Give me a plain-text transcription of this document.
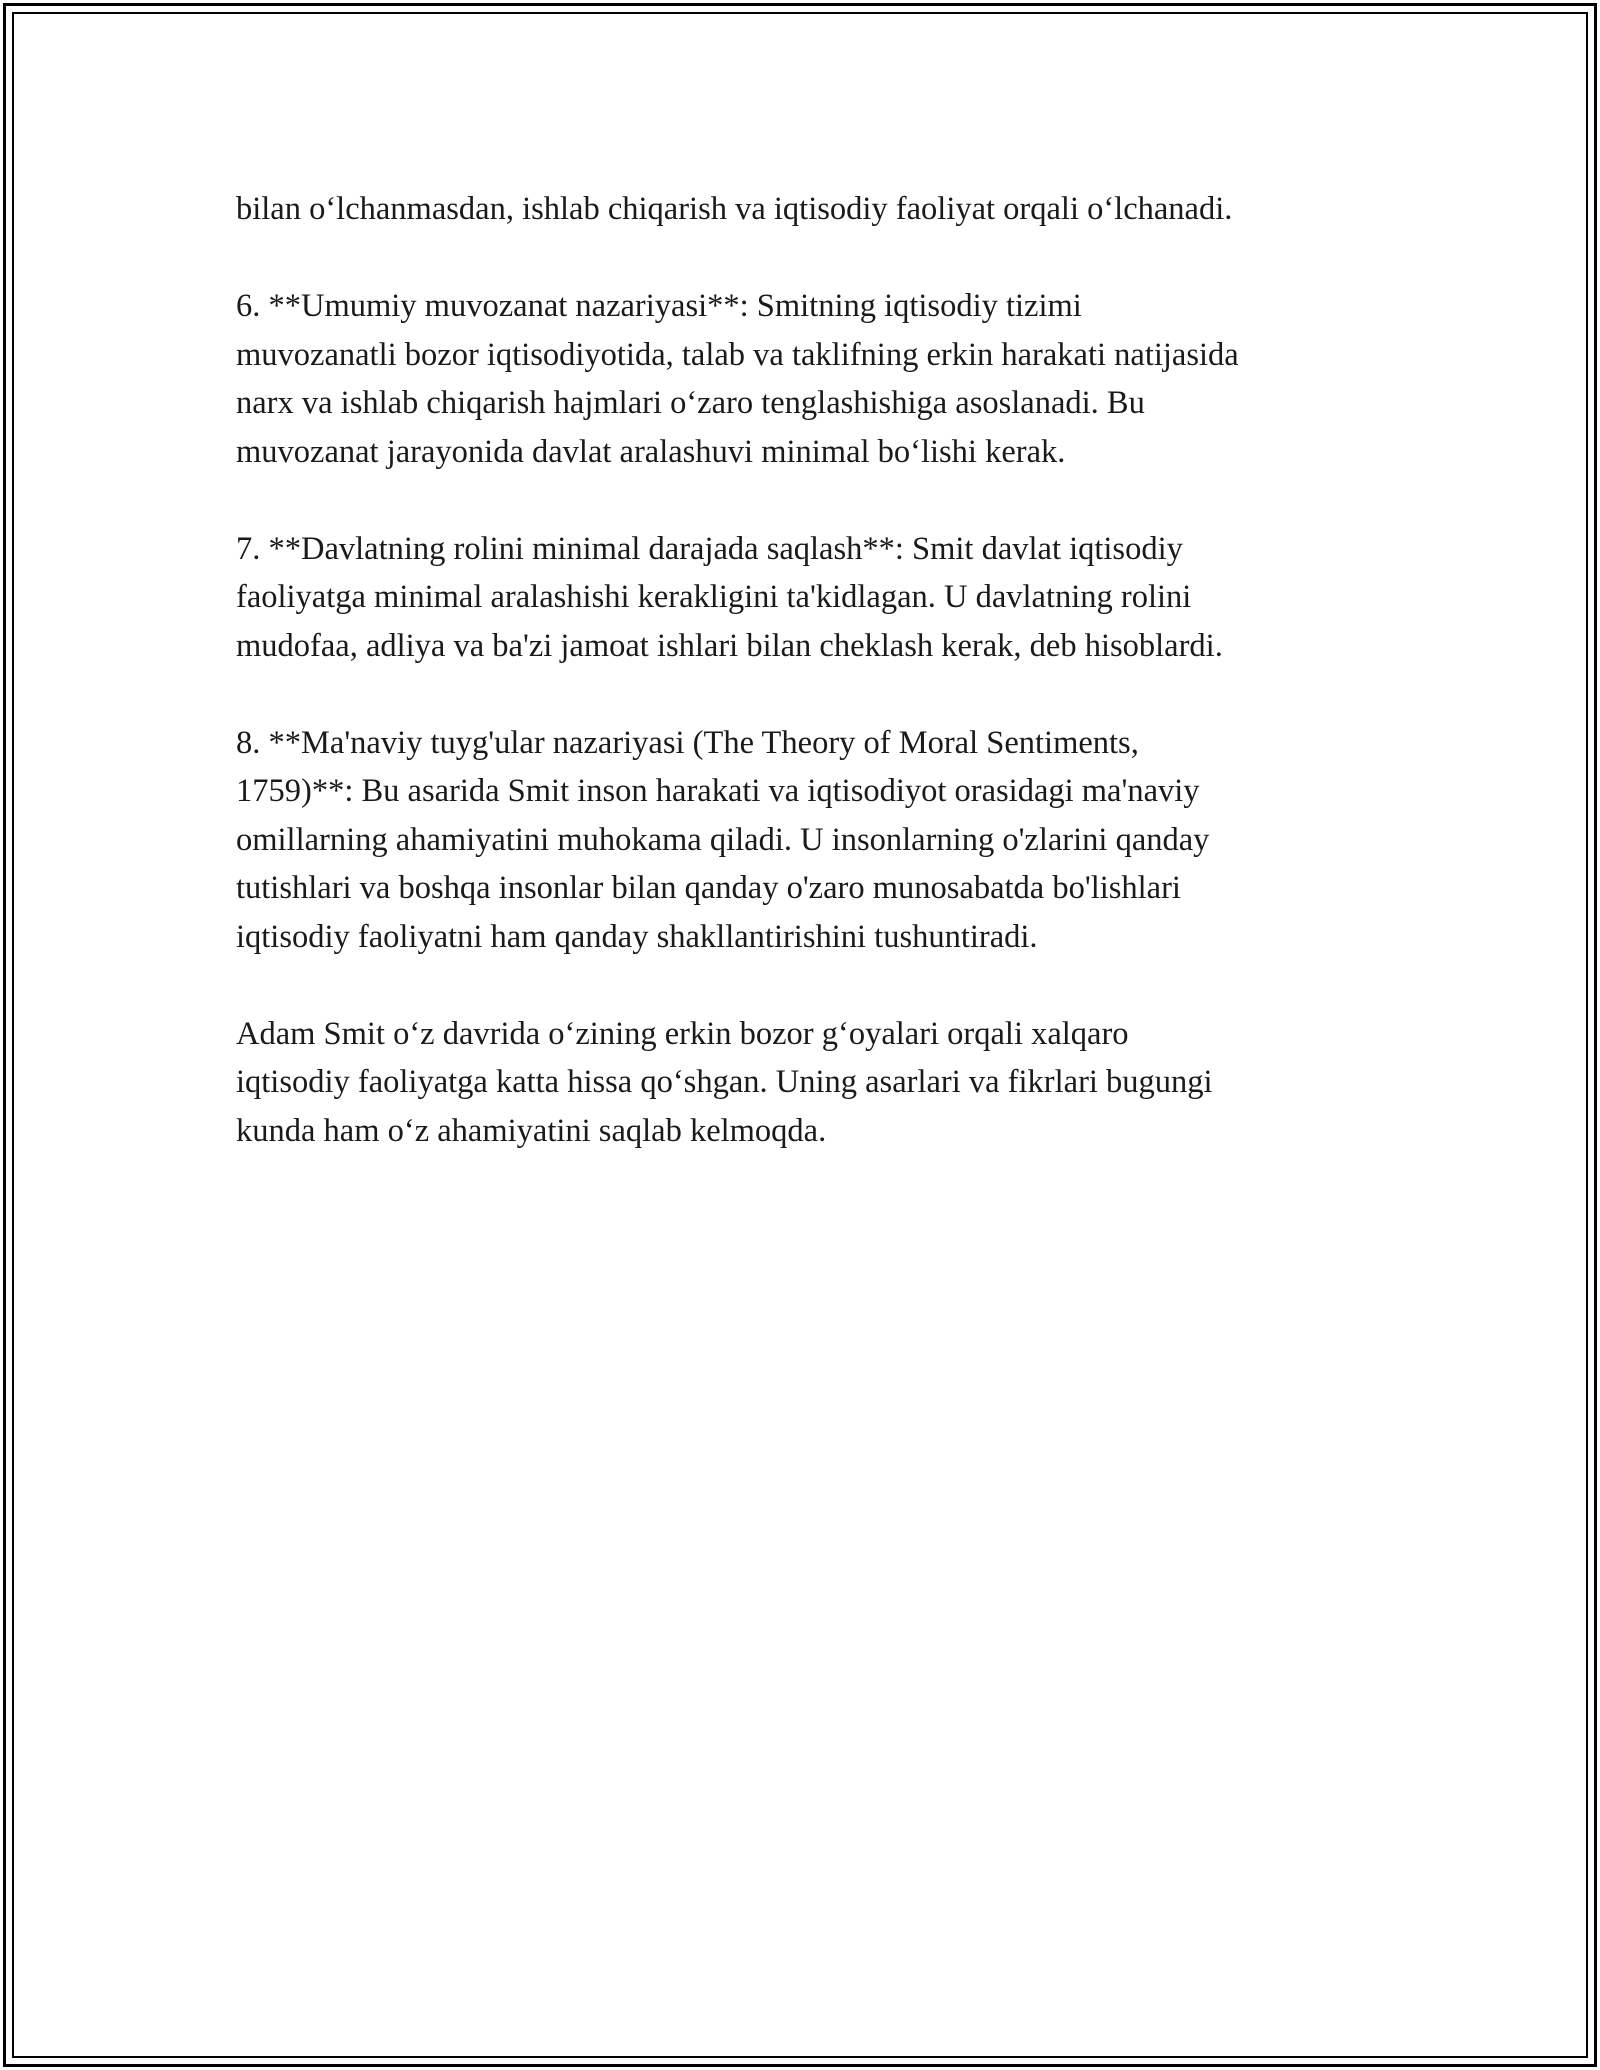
bilan o‘lchanmasdan, ishlab chiqarish va iqtisodiy faoliyat orqali o‘lchanadi.

6. **Umumiy muvozanat nazariyasi**: Smitning iqtisodiy tizimi
muvozanatli bozor iqtisodiyotida, talab va taklifning erkin harakati natijasida
narx va ishlab chiqarish hajmlari o‘zaro tenglashishiga asoslanadi. Bu
muvozanat jarayonida davlat aralashuvi minimal bo‘lishi kerak.

7. **Davlatning rolini minimal darajada saqlash**: Smit davlat iqtisodiy
faoliyatga minimal aralashishi kerakligini ta'kidlagan. U davlatning rolini
mudofaa, adliya va ba'zi jamoat ishlari bilan cheklash kerak, deb hisoblardi.

8. **Ma'naviy tuyg'ular nazariyasi (The Theory of Moral Sentiments,
1759)**: Bu asarida Smit inson harakati va iqtisodiyot orasidagi ma'naviy
omillarning ahamiyatini muhokama qiladi. U insonlarning o'zlarini qanday
tutishlari va boshqa insonlar bilan qanday o'zaro munosabatda bo'lishlari
iqtisodiy faoliyatni ham qanday shakllantirishini tushuntiradi.

Adam Smit o‘z davrida o‘zining erkin bozor g‘oyalari orqali xalqaro
iqtisodiy faoliyatga katta hissa qo‘shgan. Uning asarlari va fikrlari bugungi
kunda ham o‘z ahamiyatini saqlab kelmoqda.
